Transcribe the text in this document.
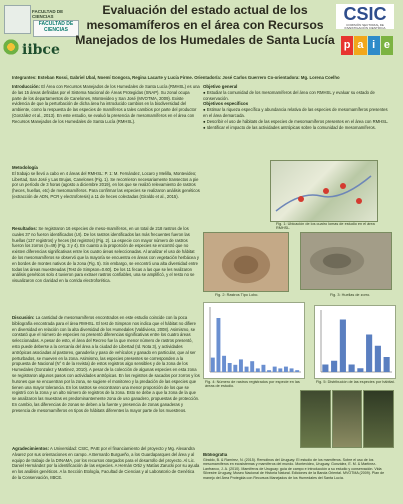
FACULTAD DE CIENCIAS
FACULTAD DE CIENCIAS
iibce
Evaluación del estado actual de los mesomamíferos en el área con Recursos Manejados de los Humedales de Santa Lucía
CSIC
COMISIÓN SECTORIAL DE INVESTIGACIÓN CIENTÍFICA
p a i e
Integrantes: Esteban Rossi, Gabriel Ubal, Noemí Gongora, Regina Lacarte y Lucía Firme. Orientador/a: José Carlos Guerrero Co-orientadora: Mg. Lorena Coelho
Introducción: El Área con Recursos Manejados de los Humedales de Santa Lucía (RMHSL) es una de las 15 áreas definidas por el Sistema Nacional de Áreas Protegidas (SNAP). Su zonal ocupa parte de los departamentos de Canelones, Montevideo y San José (MVOTMA, 2009). Existe evidencia de que la perturbación de dicha área ha introducido cambios en la biodiversidad del ambiente, como la respuesta de las especies de mamíferos a tales cambios por parte del productor (González et al., 2013). En este estudio, se evaluó la presencia de mesomamíferos en el área con Recursos Manejados de los Humedales de Santa Lucía (RMHSL).
Metodología
El trabajo se llevó a cabo en 4 áreas del RMHSL: P. 1: M. Fernández, Locaro y Melilla, Montevideo; Libertad, San José y Las Brujas, Canelones (Fig. 1). Se recorrieron necesariamente transectos a pie por un período de 3 horas (agosto a diciembre 2019), en los que se realizó relevamiento de rastros (heces, huellas, etc) de mesomamíferos. Para confirmar las especies se realizaron análisis genéticos (extracción de ADN, PCR y electroforesis) a 11 de heces colectadas (Giraldo et al., 2015).
Resultados: Se registraron 16 especies de meso-mamíferos, en un total de 218 rastros de los cuales 37 no fueron identificados (UI). De los rastros identificados las más frecuentes fueron las huellas (137 registros) y heces (64 registros) (Fig. 2). La especie con mayor número de rastros fueron los zorros (n=49) (Fig. 3 y 4). En cuanto a la proporción de especies se encontró que no existen diferencias significativas entre los cuatro áreas seleccionadas. Al analizar el uso de hábitat de los mesomamíferos se observó que la mayoría se encuentra en áreas con vegetación herbácea y en bordes de montes nativos de la zona (Fig. 5). Sin embargo, se encontró una alta diversidad entre todas las áreas muestreadas (Test de Simpson=0.60). De los 11 fecas a las que se les realizaron análisis genéticos solo 4 tuvieron para extraer rastros confiables, una se amplificó, y el resto no se visualizaron con claridad en la corrida electroforética.
Discusión: La cantidad de mesomamíferos encontrados en este estudio coincide con la poca bibliografía encontrada para el área RMHSL. El test de Simpson nos indica que el hábitat no difiere en diversidad en relación con la alta diversidad de los Humedales (Valdivieso, 2008). Asimismo, se constató que el número de especies no presentó diferencias significativas entre los cuatro áreas seleccionadas. A pesar de esto, el área del Recreo fue la que menor número de rastros presentó, esto puede deberse a la cercanía del área a la ciudad de Libertad (Id. Nota 3), y actividades antrópicas asociadas al pastoreo, ganadería y paso de vehículos y ganado en particular, que al ser perturbados, se mueven en la zona. Asimismo, las especies presentes se corresponden a la propuesta de Nacional (N° 6 de la revista) de estos registros algo sensibles y de la zona de los Humedales (Gonzalez y Martinez, 2010). A pesar de la colección de algunas especies en esta zona se registraron algunos pasos con actividades antrópicas. En los registros de sacados por zorros y los hurones que se encuentran por la zona, se sugiere el monitoreo y la predación de las especies que tienen una mayor tolerancia. En los rastros se encontraron una menor proporción de los que se registró con la zona y un alto número de registros de la zona. Esto se debe a que la zona de la que se analizaron las muestras es predominantemente zona de uso ganadero, propuestas de protección. En cambio, las diferencias de zonas se deben a la fuente y presencia de zonas ganaderas y presencia de mesomamíferos en tipos de hábitats diferentes la mayor parte de los muestreos.
Agradecimientos: A Universidad: CSIC, PAIE por el financiamiento del proyecto y Mg. Alexandra Alvarez por sus orientaciones en campo. A Bernardo Burgueño, a los Guardaparques del área y al equipo de trabajo de la DINAMA, por los recursos otorgados para el desarrollo del proyecto. Al Lic. Daniel Hernández por la identificación de las especies. A Hernán Ortiz y Matías Zarucki por su ayuda en los análisis genéticos. A la Sección Etología, Facultad de Ciencias y al Laboratorio de Genética de la Conservación, IIBCE.
Objetivo general
● Estudiar la comunidad de los mesomamíferos del área con RMHSL y evaluar su estado de conservación.
Objetivos específicos
● Estimar la riqueza específica y abundancia relativa de las especies de mesomamíferos presentes en el área demarcada.
● Describir el uso de hábitats de las especies de mesomamíferos presentes en el área con RMHSL.
● Identificar el impacto de las actividades antrópicas sobre la comunidad de mesomamíferos.
Fig. 1: Ubicación de los cuatro lomas de estudio en el área RMHSL.
Fig. 2: Rastros Tipo Lobo.	Fig. 3: Huellas de zorro.
Fig. 4: Número de rastros registrados por especie en las áreas de estudio.
Fig. 5: Distribución de las especies por hábitat.
Bibliografía
Giraldo, B. & Ramírez, N. (2015). Remolinos del Uruguay: El estudio de los mamíferos. Sobre el uso de los mesomamíferos en ecosistemas y mamíferos del mundo. Montevideo, Uruguay. González, E. M. & Martínez-Lanfranco, J. A. (2010). Mamíferos de Uruguay: guía de campo e introducción a su estudio y conservación. Vida Silvestre Uruguay, Museo Nacional de Historia Natural. Ediciones de la Banda Oriental. MVOTMA (2009). Plan de manejo del Área Protegida con Recursos Manejados de los Humedales del Santa Lucía.
